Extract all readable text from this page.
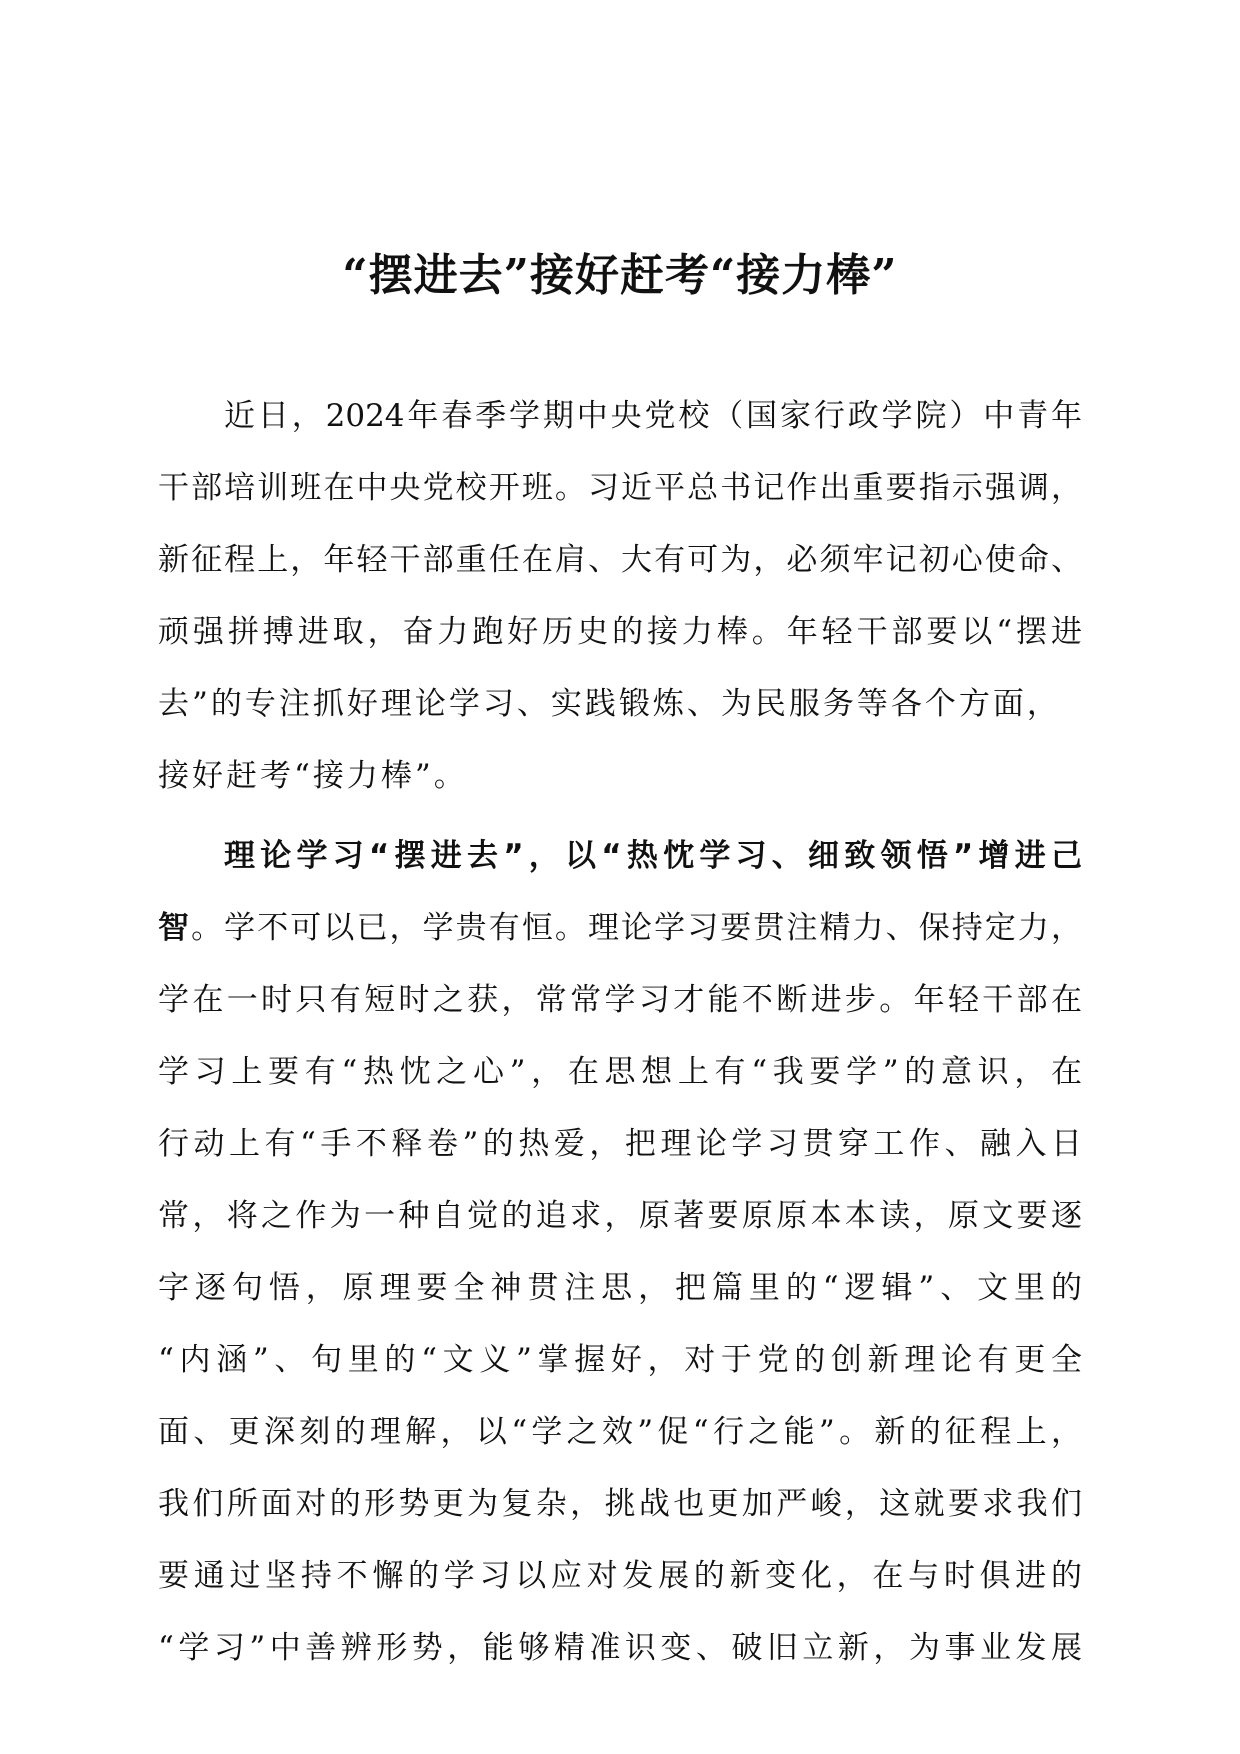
“摆进去”接好赶考“接力棒”
近日，2024年春季学期中央党校（国家行政学院）中青年
干部培训班在中央党校开班。习近平总书记作出重要指示强调，
新征程上，年轻干部重任在肩、大有可为，必须牢记初心使命、
顽强拼搏进取，奋力跑好历史的接力棒。年轻干部要以“摆进
去”的专注抓好理论学习、实践锻炼、为民服务等各个方面，
接好赶考“接力棒”。
理论学习“摆进去”，以“热忱学习、细致领悟”增进己
智。学不可以已，学贵有恒。理论学习要贯注精力、保持定力，
学在一时只有短时之获，常常学习才能不断进步。年轻干部在
学习上要有“热忱之心”，在思想上有“我要学”的意识，在
行动上有“手不释卷”的热爱，把理论学习贯穿工作、融入日
常，将之作为一种自觉的追求，原著要原原本本读，原文要逐
字逐句悟，原理要全神贯注思，把篇里的“逻辑”、文里的
“内涵”、句里的“文义”掌握好，对于党的创新理论有更全
面、更深刻的理解，以“学之效”促“行之能”。新的征程上，
我们所面对的形势更为复杂，挑战也更加严峻，这就要求我们
要通过坚持不懈的学习以应对发展的新变化，在与时俱进的
“学习”中善辨形势，能够精准识变、破旧立新，为事业发展
